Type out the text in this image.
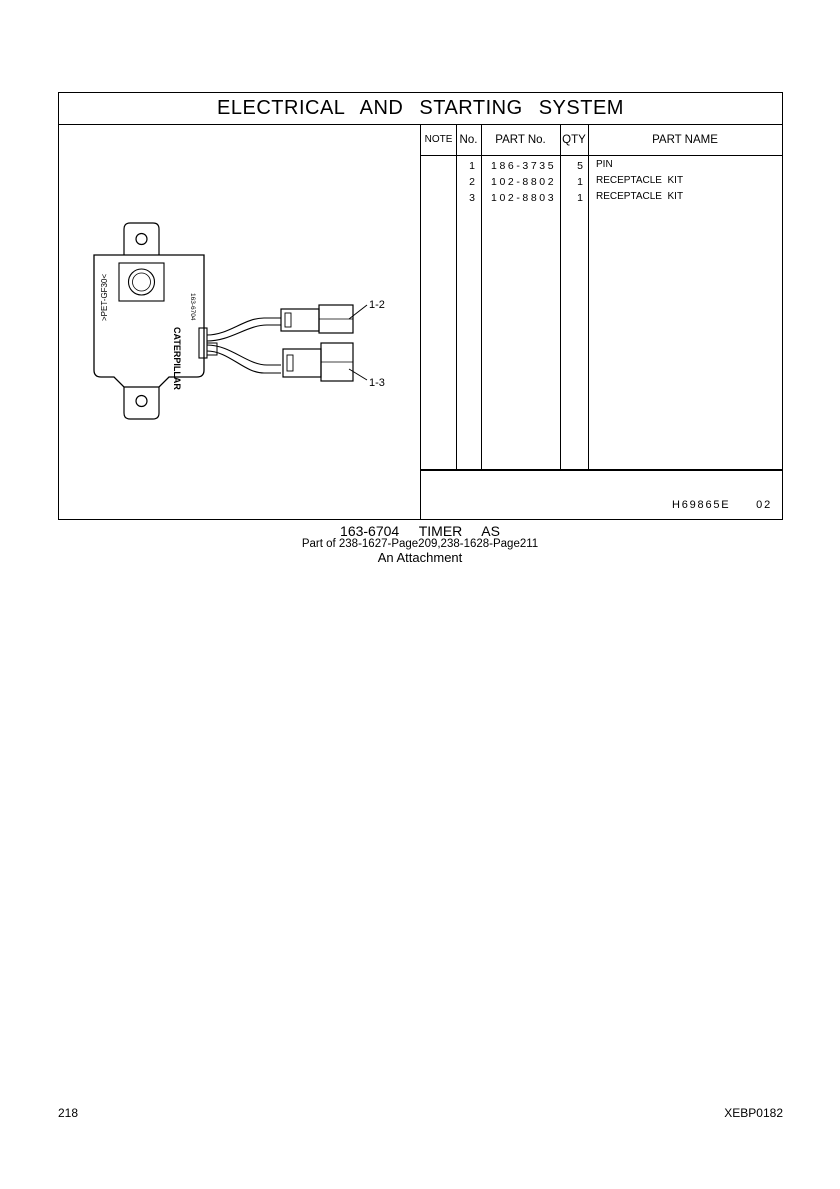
ELECTRICAL AND STARTING SYSTEM
>PET-GF30<	163-6704
CATERPILLAR
1-2
1-3
NOTE No.	PART No.	QTY	PART NAME
1 186-3735	5 PIN
2 102-8802	1 RECEPTACLE  KIT
3 102-8803	1 RECEPTACLE  KIT
H69865E  02
163-6704  TIMER  AS
Part of 238-1627-Page209,238-1628-Page211
An Attachment
218	XEBP0182
